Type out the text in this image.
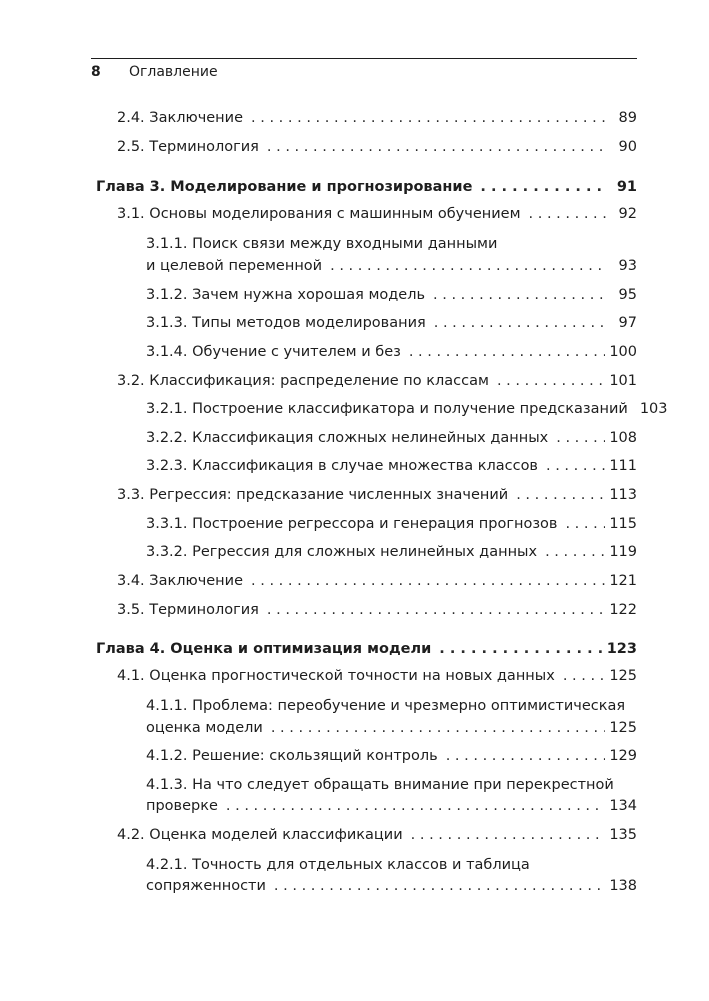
8 Оглавление
2.4. Заключение . . .	89
2.5. Терминология . . .	90
Глава 3. Моделирование и прогнозирование . . .	91
3.1. Основы моделирования с машинным обучением . . .	92
3.1.1. Поиск связи между входными данными
и целевой переменной . . .	93
3.1.2. Зачем нужна хорошая модель . . .	95
3.1.3. Типы методов моделирования . . .	97
3.1.4. Обучение с учителем и без . . .	100
3.2. Классификация: распределение по классам . . .	101
3.2.1. Построение классификатора и получение предсказаний 103
3.2.2. Классификация сложных нелинейных данных . . .	108
3.2.3. Классификация в случае множества классов . . .	111
3.3. Регрессия: предсказание численных значений . . .	113
3.3.1. Построение регрессора и генерация прогнозов . . .	115
3.3.2. Регрессия для сложных нелинейных данных . . .	119
3.4. Заключение . . .	121
3.5. Терминология . . .	122
Глава 4. Оценка и оптимизация модели . . .	123
4.1. Оценка прогностической точности на новых данных . . .	125
4.1.1. Проблема: переобучение и чрезмерно оптимистическая
оценка модели . . .	125
4.1.2. Решение: скользящий контроль . . .	129
4.1.3. На что следует обращать внимание при перекрестной
проверке . . .	134
4.2. Оценка моделей классификации . . .	135
4.2.1. Точность для отдельных классов и таблица
сопряженности . . .	138
